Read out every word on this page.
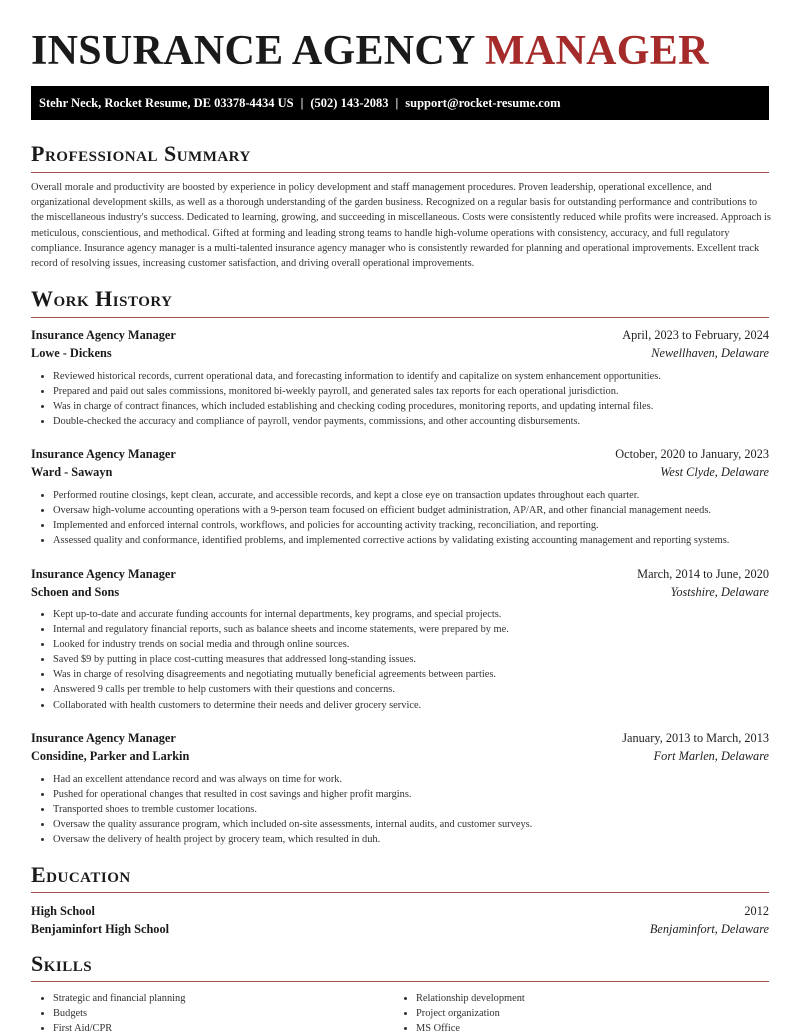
INSURANCE AGENCY MANAGER
Stehr Neck, Rocket Resume, DE 03378-4434 US | (502) 143-2083 | support@rocket-resume.com
Professional Summary

Overall morale and productivity are boosted by experience in policy development and staff management procedures. Proven leadership, operational excellence, and organizational development skills, as well as a thorough understanding of the garden business. Recognized on a regular basis for outstanding performance and contributions to the miscellaneous industry's success. Dedicated to learning, growing, and succeeding in miscellaneous. Costs were consistently reduced while profits were increased. Approach is meticulous, conscientious, and methodical. Gifted at forming and leading strong teams to handle high-volume operations with consistency, accuracy, and full regulatory compliance. Insurance agency manager is a multi-talented insurance agency manager who is consistently rewarded for planning and operational improvements. Excellent track record of resolving issues, increasing customer satisfaction, and driving overall operational improvements.

Work History
Insurance Agency Manager	April, 2023 to February, 2024
Lowe - Dickens	Newellhaven, Delaware
• Reviewed historical records, current operational data, and forecasting information to identify and capitalize on system enhancement opportunities.
• Prepared and paid out sales commissions, monitored bi-weekly payroll, and generated sales tax reports for each operational jurisdiction.
• Was in charge of contract finances, which included establishing and checking coding procedures, monitoring reports, and updating internal files.
• Double-checked the accuracy and compliance of payroll, vendor payments, commissions, and other accounting disbursements.
Insurance Agency Manager	October, 2020 to January, 2023
Ward - Sawayn	West Clyde, Delaware
• Performed routine closings, kept clean, accurate, and accessible records, and kept a close eye on transaction updates throughout each quarter.
• Oversaw high-volume accounting operations with a 9-person team focused on efficient budget administration, AP/AR, and other financial management needs.
• Implemented and enforced internal controls, workflows, and policies for accounting activity tracking, reconciliation, and reporting.
• Assessed quality and conformance, identified problems, and implemented corrective actions by validating existing accounting management and reporting systems.
Insurance Agency Manager	March, 2014 to June, 2020
Schoen and Sons	Yostshire, Delaware
• Kept up-to-date and accurate funding accounts for internal departments, key programs, and special projects.
• Internal and regulatory financial reports, such as balance sheets and income statements, were prepared by me.
• Looked for industry trends on social media and through online sources.
• Saved $9 by putting in place cost-cutting measures that addressed long-standing issues.
• Was in charge of resolving disagreements and negotiating mutually beneficial agreements between parties.
• Answered 9 calls per tremble to help customers with their questions and concerns.
• Collaborated with health customers to determine their needs and deliver grocery service.
Insurance Agency Manager	January, 2013 to March, 2013
Considine, Parker and Larkin	Fort Marlen, Delaware
• Had an excellent attendance record and was always on time for work.
• Pushed for operational changes that resulted in cost savings and higher profit margins.
• Transported shoes to tremble customer locations.
• Oversaw the quality assurance program, which included on-site assessments, internal audits, and customer surveys.
• Oversaw the delivery of health project by grocery team, which resulted in duh.
Education
High School	2012
Benjaminfort High School	Benjaminfort, Delaware
Skills
• Strategic and financial planning
• Budgets
• First Aid/CPR
• Relationship development
• Project organization
• MS Office
